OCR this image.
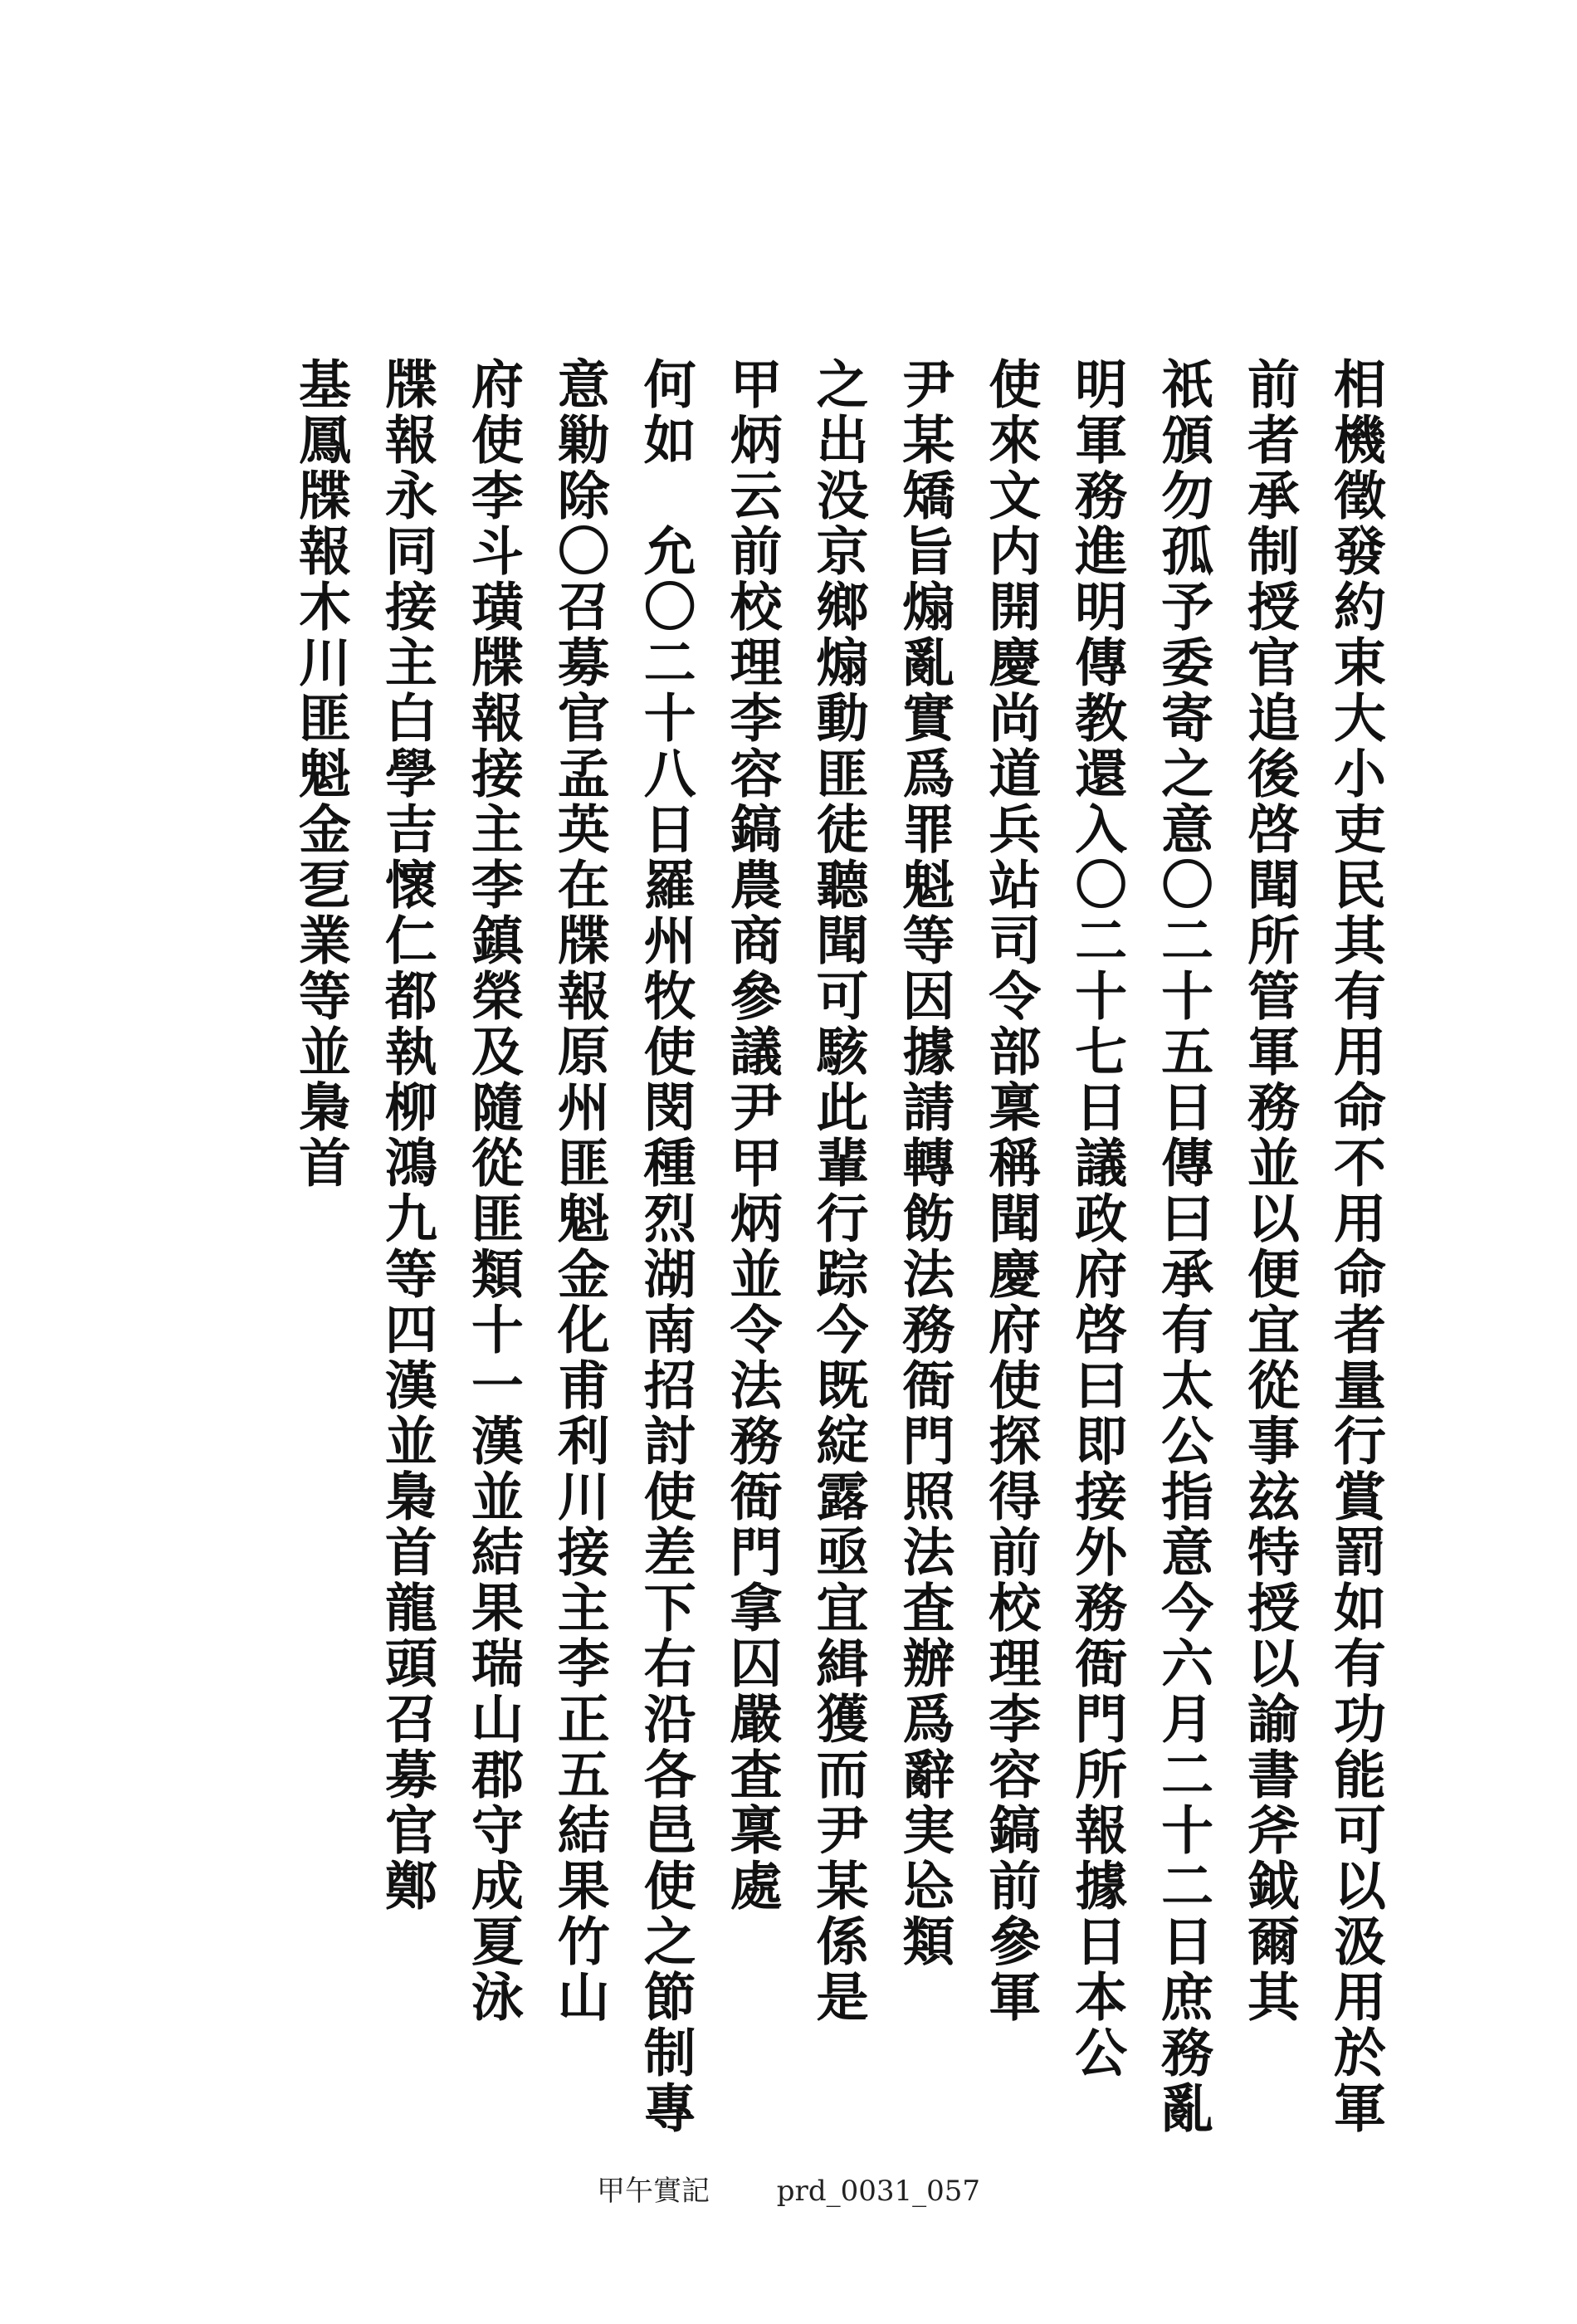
相機徵發約束大小吏民其有用命不用命者量行賞罰如有功能可以汲用於軍
前者承制授官追後啓聞所管軍務並以便宜從事玆特授以諭書斧鉞爾其
祇頒勿孤予委寄之意〇二十五日傳曰承有太公指意今六月二十二日庶務亂
明軍務進明傳教還入〇二十七日議政府啓曰即接外務衙門所報據日本公
使來文内開慶尚道兵站司令部稟稱聞慶府使探得前校理李容鎬前參軍
尹某矯旨煽亂實爲罪魁等因據請轉飭法務衙門照法査辦爲辭実㤀類
之出没京鄉煽動匪徒聽聞可駭此輩行踪今既綻露亟宜緝獲而尹某係是
甲炳云前校理李容鎬農商參議尹甲炳並令法務衙門拿囚嚴査稟處
何如　允〇二十八日羅州牧使閔種烈湖南招討使差下右沿各邑使之節制專
意勦除〇召募官孟英在牒報原州匪魁金化甫利川接主李正五結果竹山
府使李斗璜牒報接主李鎮榮及隨從匪類十一漢並結果瑞山郡守成夏泳
牒報永同接主白學吉懷仁都執柳鴻九等四漢並梟首龍頭召募官鄭
基鳳牒報木川匪魁金乭業等並梟首
甲午實記 prd_0031_057
